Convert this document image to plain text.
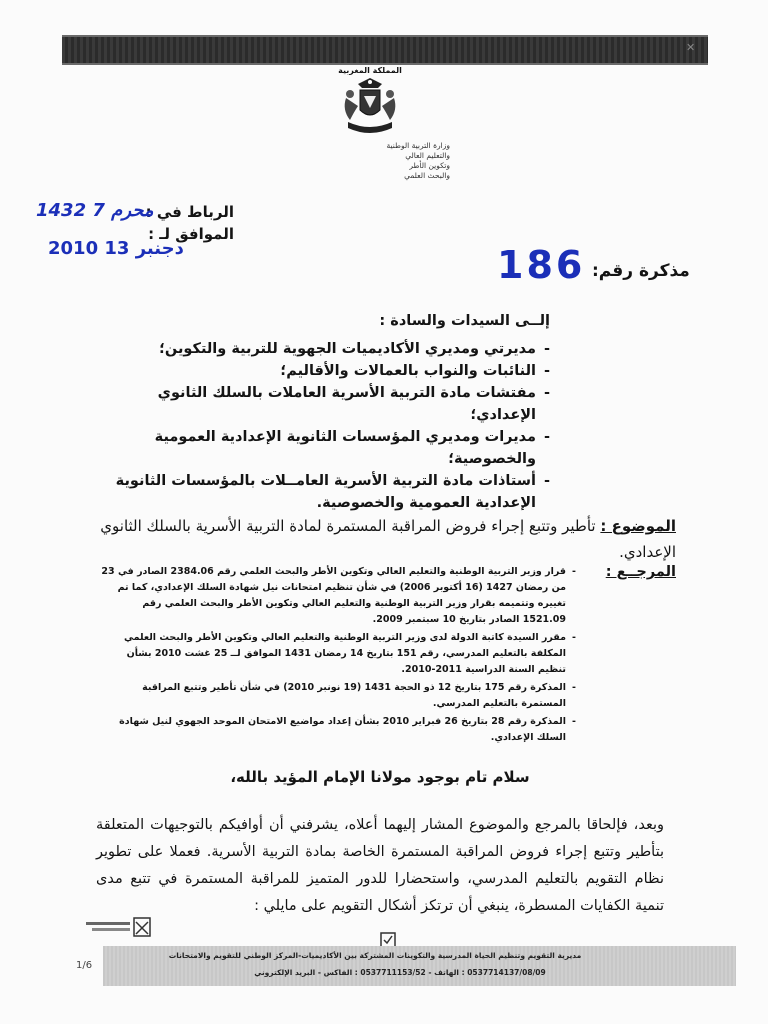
✕
المملكة المغربية
وزارة التربية الوطنية
والتعليم العالي
وتكوين الأطر
والبحث العلمي
الرباط في :
1432 محرم 7
الموافق لـ :
2010 دجنبر 13
مذكرة رقم:
186
إلــى السيدات والسادة :
- مديرتي ومديري الأكاديميات الجهوية للتربية والتكوين؛
- النائبات والنواب بالعمالات والأقاليم؛
- مفتشات مادة التربية الأسرية العاملات بالسلك الثانوي الإعدادي؛
- مديرات ومديري المؤسسات الثانوية الإعدادية العمومية والخصوصية؛
- أستاذات مادة التربية الأسرية العامــلات بالمؤسسات الثانوية الإعدادية العمومية والخصوصية.
الموضوع : تأطير وتتبع إجراء فروض المراقبة المستمرة لمادة التربية الأسرية بالسلك الثانوي الإعدادي.
المرجــع :
- قرار وزير التربية الوطنية والتعليم العالي وتكوين الأطر والبحث العلمي رقم 2384.06 الصادر في 23 من رمضان 1427 (16 أكتوبر 2006) في شأن تنظيم امتحانات نيل شهادة السلك الإعدادي، كما تم تغييره وتتميمه بقرار وزير التربية الوطنية والتعليم العالي وتكوين الأطر والبحث العلمي رقم 1521.09 الصادر بتاريخ 10 سبتمبر 2009.
- مقرر السيدة كاتبة الدولة لدى وزير التربية الوطنية والتعليم العالي وتكوين الأطر والبحث العلمي المكلفة بالتعليم المدرسي، رقم 151 بتاريخ 14 رمضان 1431 الموافق لــ 25 غشت 2010 بشأن تنظيم السنة الدراسية 2011-2010.
- المذكرة رقم 175 بتاريخ 12 ذو الحجة 1431 (19 نونبر 2010) في شأن تأطير وتتبع المراقبة المستمرة بالتعليم المدرسي.
- المذكرة رقم 28 بتاريخ 26 فبراير 2010 بشأن إعداد مواضيع الامتحان الموحد الجهوي لنيل شهادة السلك الإعدادي.
سلام تام بوجود مولانا الإمام المؤيد بالله،
وبعد، فإلحاقا بالمرجع والموضوع المشار إليهما أعلاه، يشرفني أن أوافيكم بالتوجيهات المتعلقة بتأطير وتتبع إجراء فروض المراقبة المستمرة الخاصة بمادة التربية الأسرية. فعملا على تطوير نظام التقويم بالتعليم المدرسي، واستحضارا للدور المتميز للمراقبة المستمرة في تتبع مدى تنمية الكفايات المسطرة، ينبغي أن ترتكز أشكال التقويم على مايلي :
مديرية التقويم وتنظيم الحياة المدرسية والتكوينات المشتركة بين الأكاديميات-المركز الوطني للتقويم والامتحانات
0537714137/08/09 : الهاتف - 0537711153/52 : الفاكس - البريد الإلكتروني
1/6
